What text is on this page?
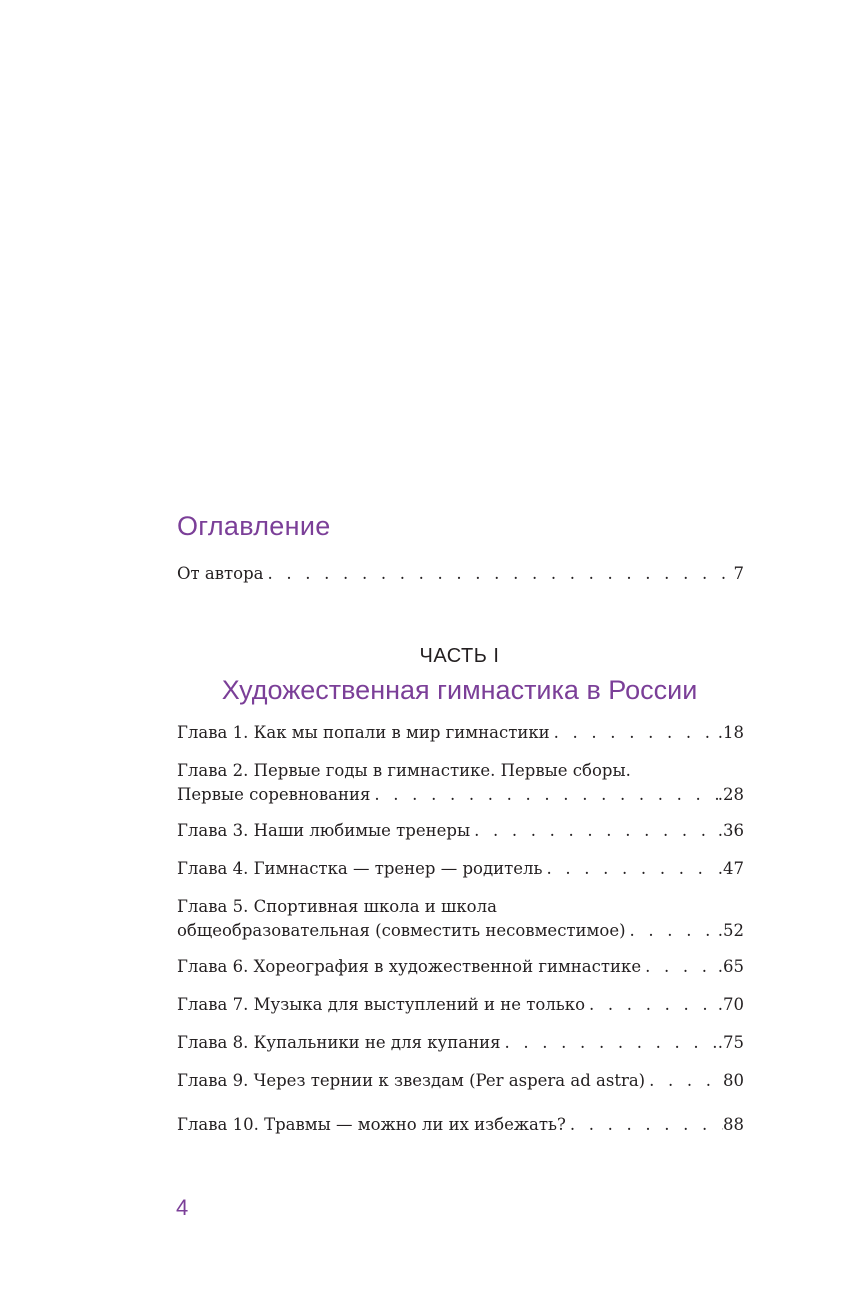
Оглавление
От автора . . .	7
ЧАСТЬ I
Художественная гимнастика в России
Глава 1. Как мы попали в мир гимнастики . . .	.18
Глава 2. Первые годы в гимнастике. Первые сборы.
Первые соревнования . . .	.28
Глава 3. Наши любимые тренеры . . .	.36
Глава 4. Гимнастка — тренер — родитель . . .	.47
Глава 5. Спортивная школа и школа
общеобразовательная (совместить несовместимое) . . .	.52
Глава 6. Хореография в художественной гимнастике . . .	.65
Глава 7. Музыка для выступлений и не только . . .	.70
Глава 8. Купальники не для купания . . .	.75
Глава 9. Через тернии к звездам (Per aspera ad astra) . . .	80
Глава 10. Травмы — можно ли их избежать? . . .	88
4
